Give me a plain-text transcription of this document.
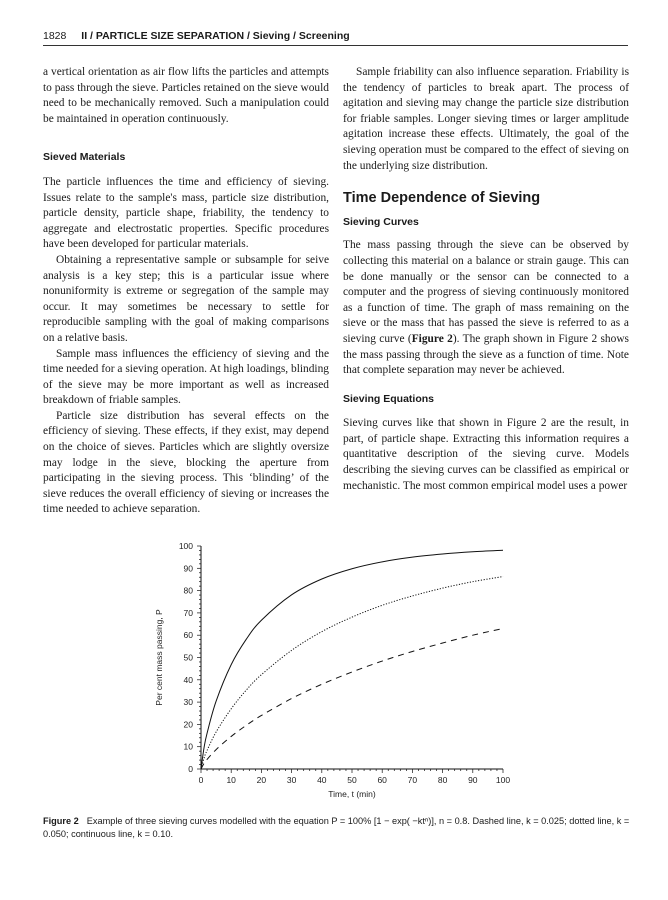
1828 II / PARTICLE SIZE SEPARATION / Sieving / Screening

a vertical orientation as air flow lifts the particles and attempts to pass through the sieve. Particles retained on the sieve would need to be mechanically removed. Such a manipulation could be maintained in operation continuously.

Sieved Materials

The particle influences the time and efficiency of sieving. Issues relate to the sample's mass, particle size distribution, particle density, particle shape, friability, the tendency to aggregate and electrostatic properties. Specific procedures have been developed for particular materials.

Obtaining a representative sample or subsample for seive analysis is a key step; this is a particular issue where nonuniformity is extreme or segregation of the sample may occur. It may sometimes be necessary to settle for reproducible sampling with the goal of making comparisons on a relative basis.

Sample mass influences the efficiency of sieving and the time needed for a sieving operation. At high loadings, blinding of the sieve may be more important as well as increased breakdown of friable samples.

Particle size distribution has several effects on the efficiency of sieving. These effects, if they exist, may depend on the choice of sieves. Particles which are slightly oversize may lodge in the sieve, blocking the aperture from participating in the sieving process. This ‘blinding’ of the sieve reduces the overall efficiency of sieving or increases the time needed to achieve separation.

Sample friability can also influence separation. Friability is the tendency of particles to break apart. The process of agitation and sieving may change the particle size distribution for friable samples. Longer sieving times or larger amplitude agitation increase these effects. Ultimately, the goal of the sieving operation must be compared to the effect of sieving on the underlying size distribution.

Time Dependence of Sieving
Sieving Curves

The mass passing through the sieve can be observed by collecting this material on a balance or strain gauge. This can be done manually or the sensor can be connected to a computer and the progress of sieving continuously monitored as a function of time. The graph of mass remaining on the sieve or the mass that has passed the sieve is referred to as a sieving curve (Figure 2). The graph shown in Figure 2 shows the mass passing through the sieve as a function of time. Note that complete separation may never be achieved.

Sieving Equations

Sieving curves like that shown in Figure 2 are the result, in part, of particle shape. Extracting this information requires a quantitative description of the sieving curve. Models describing the sieving curves can be classified as empirical or mechanistic. The most common empirical model uses a power

0	10 20 30 40 50 60 70 80 90 100
0
10
20
30
40
50
60
70
80
90
100
Time, t (min)
Per cent mass passing, P
Figure 2 Example of three sieving curves modelled with the equation P = 100% [1 − exp( −ktⁿ)], n = 0.8. Dashed line, k = 0.025; dotted line, k = 0.050; continuous line, k = 0.10.
